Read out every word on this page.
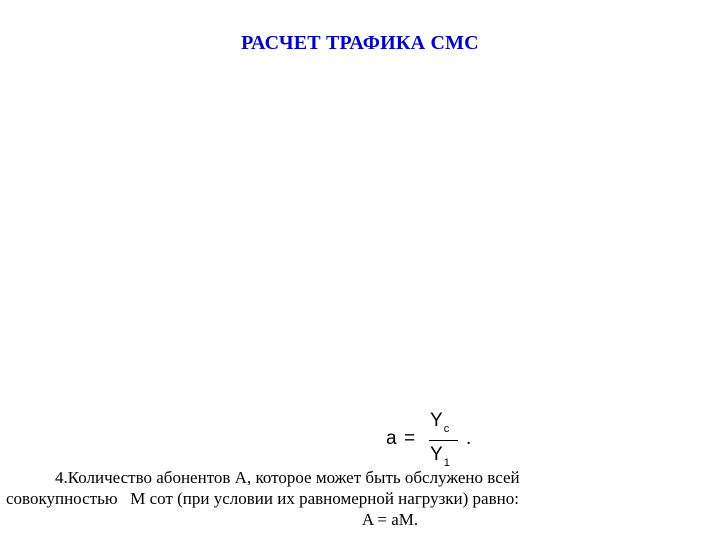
РАСЧЕТ ТРАФИКА СМС
a =
$Y_c$
$Y_1$
.
4.Количество абонентов А, которое может быть обслужено всей
совокупностью   М сот (при условии их равномерной нагрузки) равно:
A = aM.
